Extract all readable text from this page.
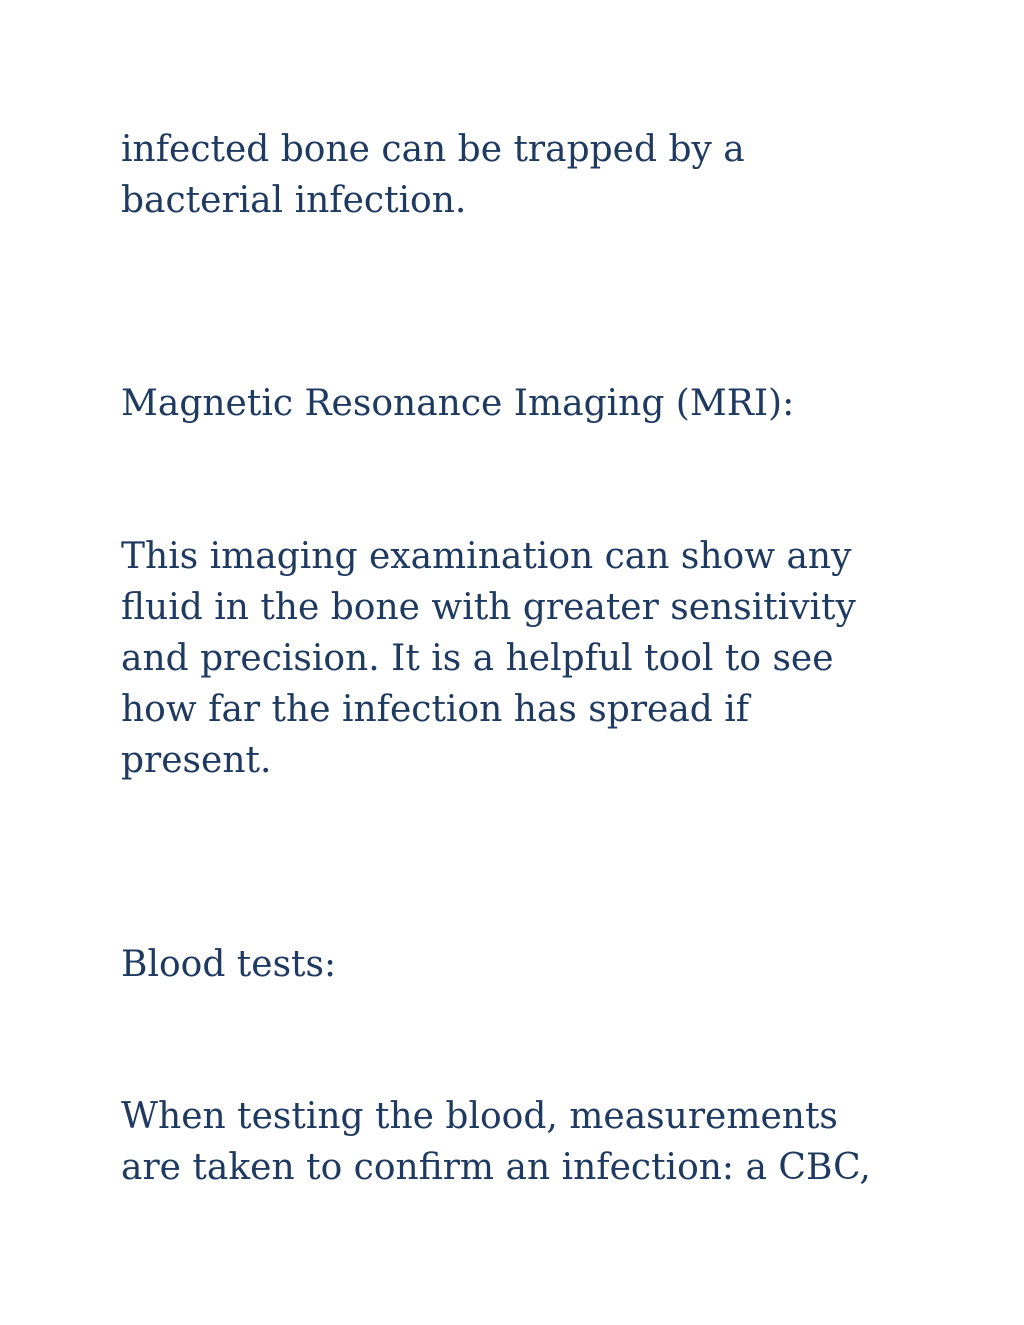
infected bone can be trapped by a
bacterial infection.

Magnetic Resonance Imaging (MRI):

This imaging examination can show any
fluid in the bone with greater sensitivity
and precision. It is a helpful tool to see
how far the infection has spread if
present.

Blood tests:

When testing the blood, measurements
are taken to confirm an infection: a CBC,
